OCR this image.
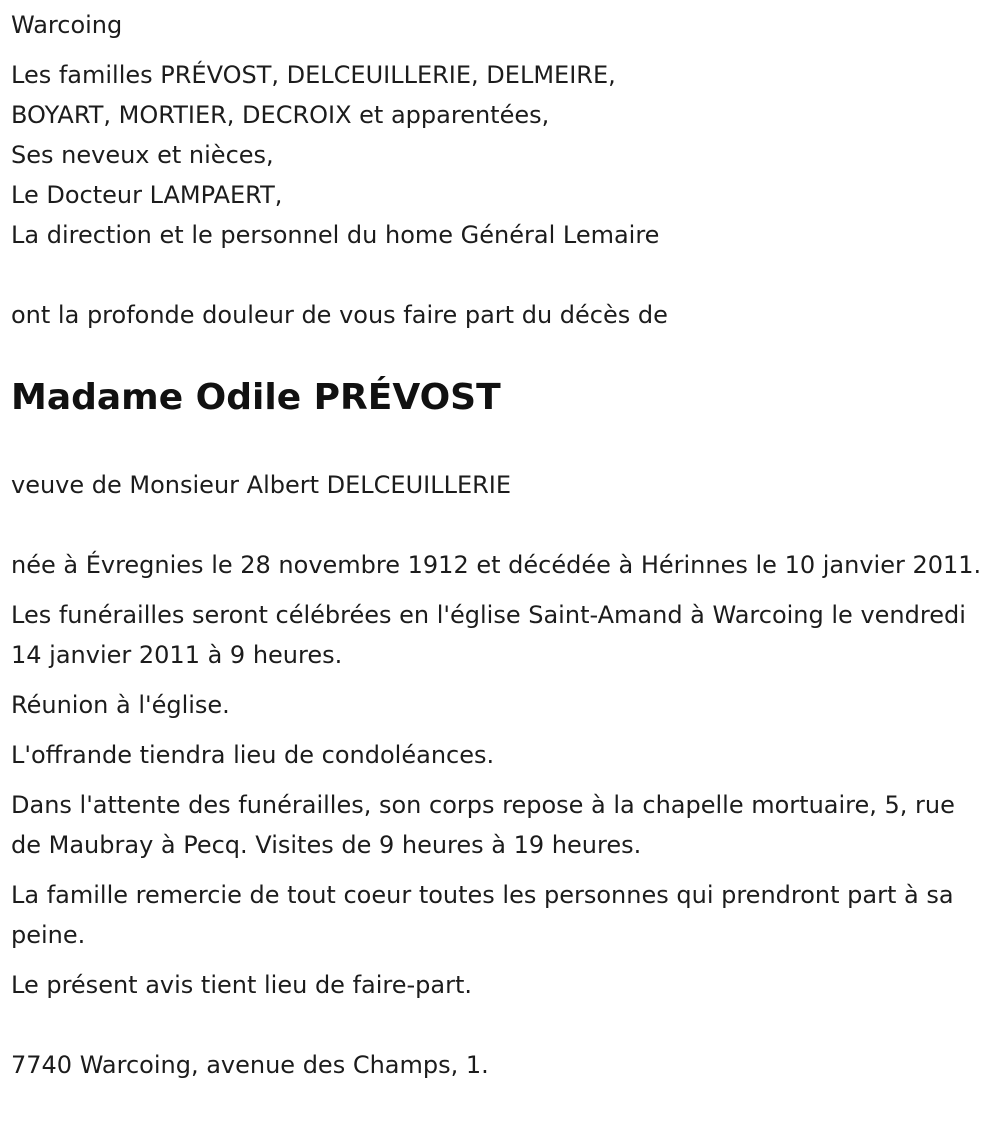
Warcoing

Les familles PRÉVOST, DELCEUILLERIE, DELMEIRE,

BOYART, MORTIER, DECROIX et apparentées,

Ses neveux et nièces,

Le Docteur LAMPAERT,

La direction et le personnel du home Général Lemaire

ont la profonde douleur de vous faire part du décès de

Madame Odile PRÉVOST

veuve de Monsieur Albert DELCEUILLERIE

née à Évregnies le 28 novembre 1912 et décédée à Hérinnes le 10 janvier 2011.

Les funérailles seront célébrées en l'église Saint-Amand à Warcoing le vendredi 14 janvier 2011 à 9 heures.

Réunion à l'église.

L'offrande tiendra lieu de condoléances.

Dans l'attente des funérailles, son corps repose à la chapelle mortuaire, 5, rue de Maubray à Pecq. Visites de 9 heures à 19 heures.

La famille remercie de tout coeur toutes les personnes qui prendront part à sa peine.

Le présent avis tient lieu de faire-part.

7740 Warcoing, avenue des Champs, 1.
